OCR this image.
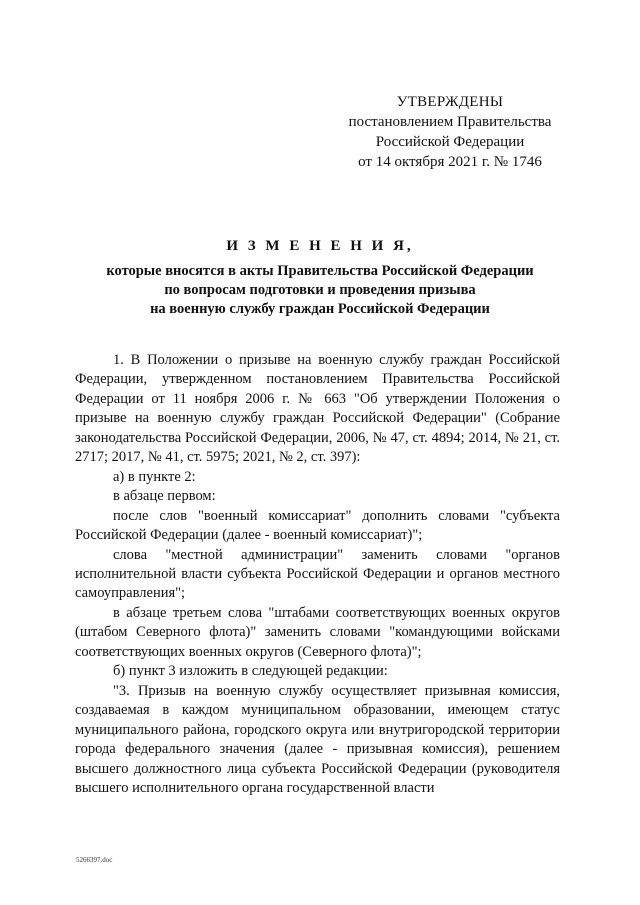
УТВЕРЖДЕНЫ
постановлением Правительства
Российской Федерации
от 14 октября 2021 г. № 1746
И З М Е Н Е Н И Я,
которые вносятся в акты Правительства Российской Федерации
по вопросам подготовки и проведения призыва
на военную службу граждан Российской Федерации

1. В Положении о призыве на военную службу граждан Российской Федерации, утвержденном постановлением Правительства Российской Федерации от 11 ноября 2006 г. № 663 "Об утверждении Положения о призыве на военную службу граждан Российской Федерации" (Собрание законодательства Российской Федерации, 2006, № 47, ст. 4894; 2014, № 21, ст. 2717; 2017, № 41, ст. 5975; 2021, № 2, ст. 397):

а) в пункте 2:

в абзаце первом:

после слов "военный комиссариат" дополнить словами "субъекта Российской Федерации (далее - военный комиссариат)";

слова "местной администрации" заменить словами "органов исполнительной власти субъекта Российской Федерации и органов местного самоуправления";

в абзаце третьем слова "штабами соответствующих военных округов (штабом Северного флота)" заменить словами "командующими войсками соответствующих военных округов (Северного флота)";

б) пункт 3 изложить в следующей редакции:

"3. Призыв на военную службу осуществляет призывная комиссия, создаваемая в каждом муниципальном образовании, имеющем статус муниципального района, городского округа или внутригородской территории города федерального значения (далее - призывная комиссия), решением высшего должностного лица субъекта Российской Федерации (руководителя высшего исполнительного органа государственной власти

5266397.doc
